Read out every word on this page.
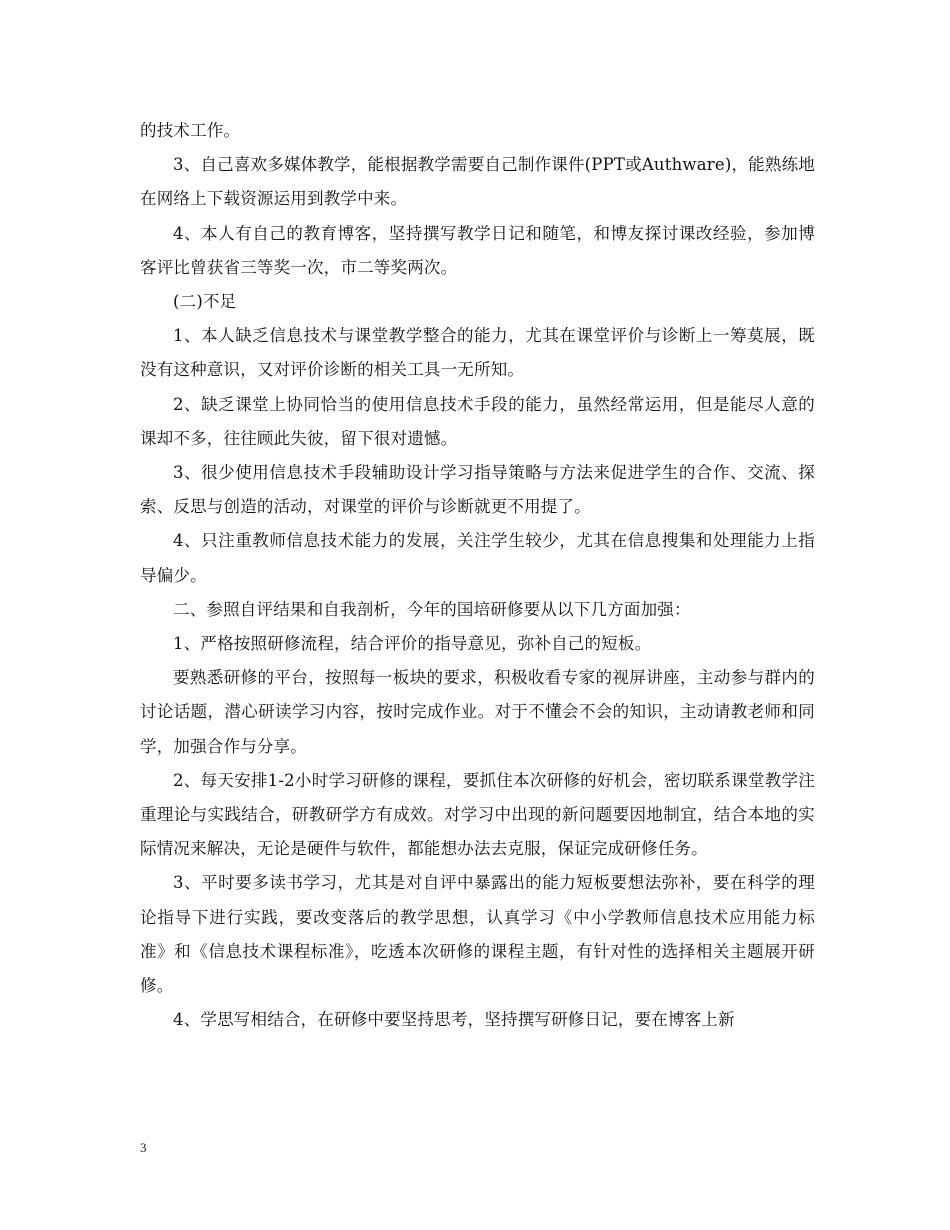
的技术工作。

3、自己喜欢多媒体教学，能根据教学需要自己制作课件(PPT或Authware)，能熟练地在网络上下载资源运用到教学中来。

4、本人有自己的教育博客，坚持撰写教学日记和随笔，和博友探讨课改经验，参加博客评比曾获省三等奖一次，市二等奖两次。

(二)不足

1、本人缺乏信息技术与课堂教学整合的能力，尤其在课堂评价与诊断上一筹莫展，既没有这种意识，又对评价诊断的相关工具一无所知。

2、缺乏课堂上协同恰当的使用信息技术手段的能力，虽然经常运用，但是能尽人意的课却不多，往往顾此失彼，留下很对遗憾。

3、很少使用信息技术手段辅助设计学习指导策略与方法来促进学生的合作、交流、探索、反思与创造的活动，对课堂的评价与诊断就更不用提了。

4、只注重教师信息技术能力的发展，关注学生较少，尤其在信息搜集和处理能力上指导偏少。

二、参照自评结果和自我剖析，今年的国培研修要从以下几方面加强：

1、严格按照研修流程，结合评价的指导意见，弥补自己的短板。

要熟悉研修的平台，按照每一板块的要求，积极收看专家的视屏讲座，主动参与群内的讨论话题，潜心研读学习内容，按时完成作业。对于不懂会不会的知识，主动请教老师和同学，加强合作与分享。

2、每天安排1-2小时学习研修的课程，要抓住本次研修的好机会，密切联系课堂教学注重理论与实践结合，研教研学方有成效。对学习中出现的新问题要因地制宜，结合本地的实际情况来解决，无论是硬件与软件，都能想办法去克服，保证完成研修任务。

3、平时要多读书学习，尤其是对自评中暴露出的能力短板要想法弥补，要在科学的理论指导下进行实践，要改变落后的教学思想，认真学习《中小学教师信息技术应用能力标准》和《信息技术课程标准》，吃透本次研修的课程主题，有针对性的选择相关主题展开研修。

4、学思写相结合，在研修中要坚持思考，坚持撰写研修日记，要在博客上新

3
